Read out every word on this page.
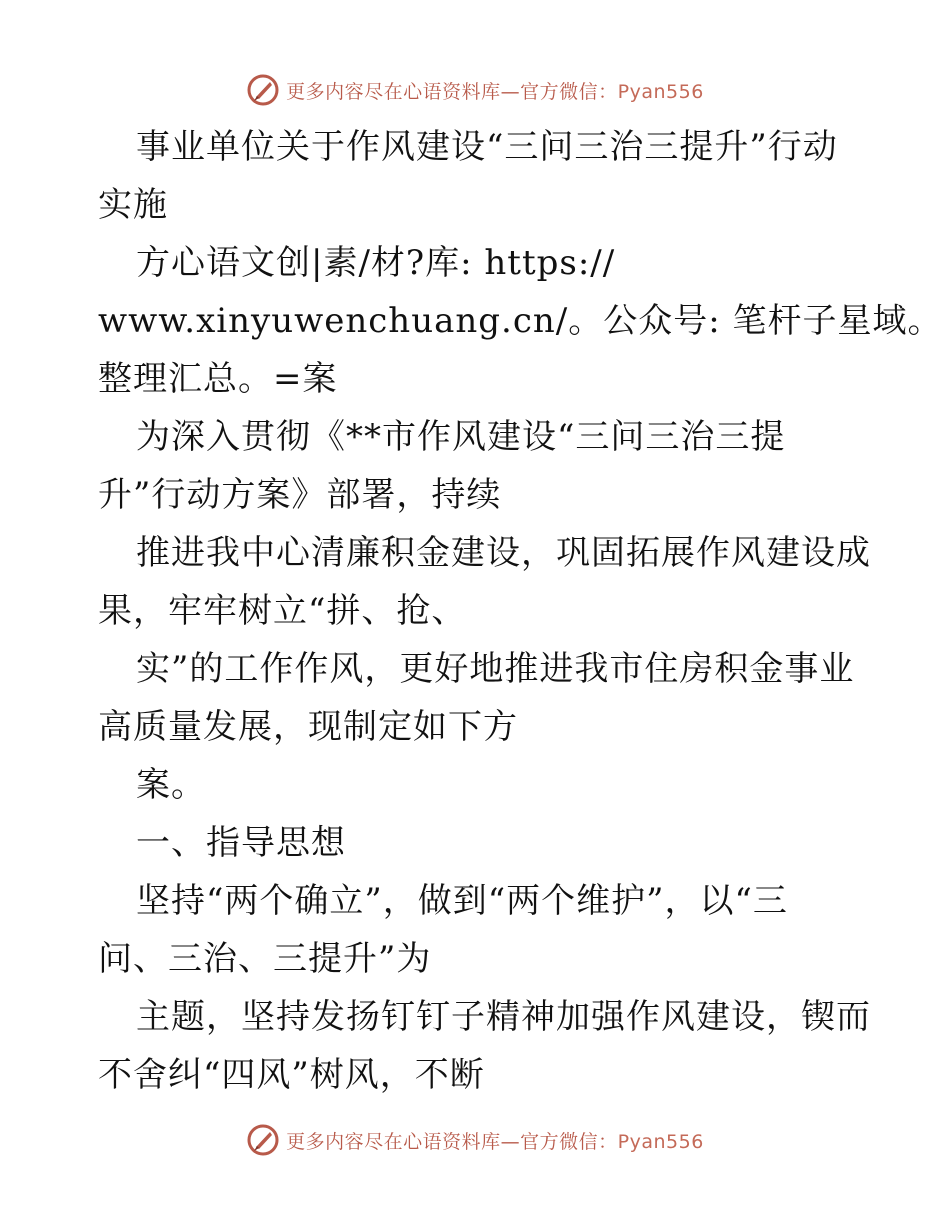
更多内容尽在心语资料库—官方微信：Pyan556
事业单位关于作风建设“三问三治三提升”行动
实施
方心语文创|素/材?库: https://
www.xinyuwenchuang.cn/。公众号: 笔杆子星域。
整理汇总。=案
为深入贯彻《**市作风建设“三问三治三提
升”行动方案》部署，持续
推进我中心清廉积金建设，巩固拓展作风建设成
果，牢牢树立“拼、抢、
实”的工作作风，更好地推进我市住房积金事业
高质量发展，现制定如下方
案。
一、指导思想
坚持“两个确立”，做到“两个维护”，以“三
问、三治、三提升”为
主题，坚持发扬钉钉子精神加强作风建设，锲而
不舍纠“四风”树风，不断
更多内容尽在心语资料库—官方微信：Pyan556
